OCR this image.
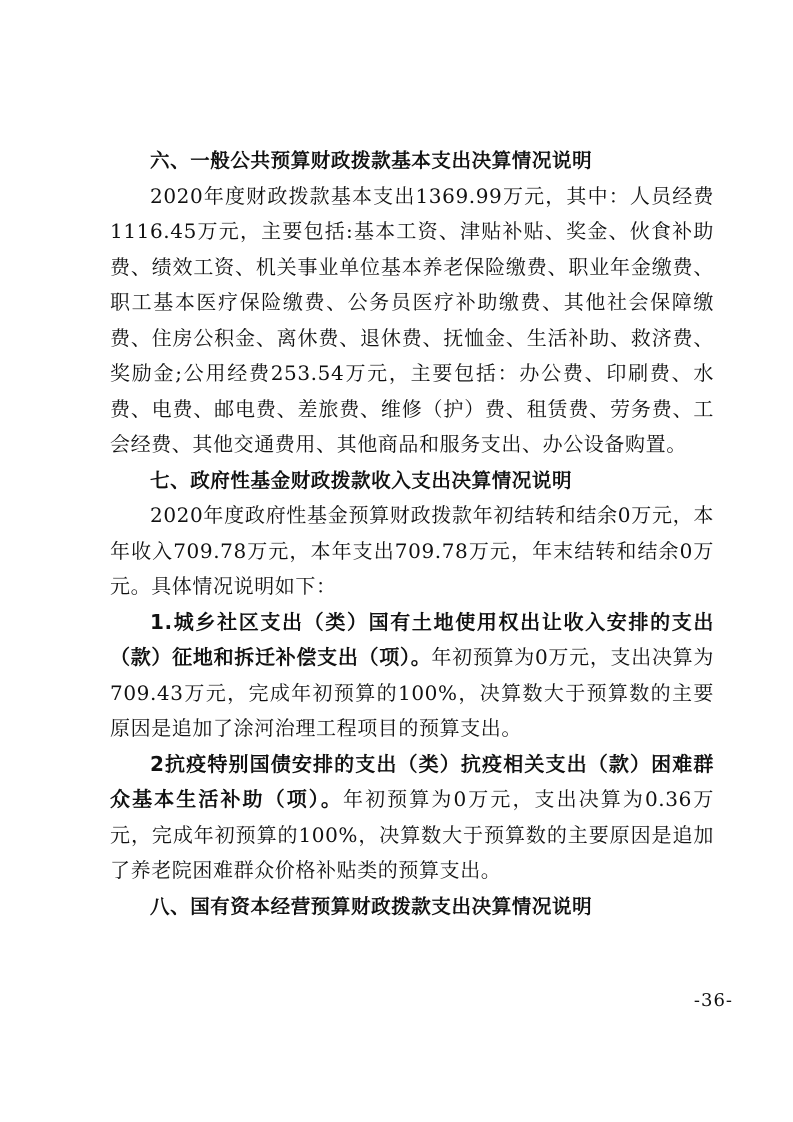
六、一般公共预算财政拨款基本支出决算情况说明

2020年度财政拨款基本支出1369.99万元，其中：人员经费1116.45万元，主要包括:基本工资、津贴补贴、奖金、伙食补助费、绩效工资、机关事业单位基本养老保险缴费、职业年金缴费、职工基本医疗保险缴费、公务员医疗补助缴费、其他社会保障缴费、住房公积金、离休费、退休费、抚恤金、生活补助、救济费、奖励金;公用经费253.54万元，主要包括：办公费、印刷费、水费、电费、邮电费、差旅费、维修（护）费、租赁费、劳务费、工会经费、其他交通费用、其他商品和服务支出、办公设备购置。

七、政府性基金财政拨款收入支出决算情况说明

2020年度政府性基金预算财政拨款年初结转和结余0万元，本年收入709.78万元，本年支出709.78万元，年末结转和结余0万元。具体情况说明如下：

1.城乡社区支出（类）国有土地使用权出让收入安排的支出（款）征地和拆迁补偿支出（项）。年初预算为0万元，支出决算为709.43万元，完成年初预算的100%，决算数大于预算数的主要原因是追加了涂河治理工程项目的预算支出。

2抗疫特别国债安排的支出（类）抗疫相关支出（款）困难群众基本生活补助（项）。年初预算为0万元，支出决算为0.36万元，完成年初预算的100%，决算数大于预算数的主要原因是追加了养老院困难群众价格补贴类的预算支出。

八、国有资本经营预算财政拨款支出决算情况说明

-36-
